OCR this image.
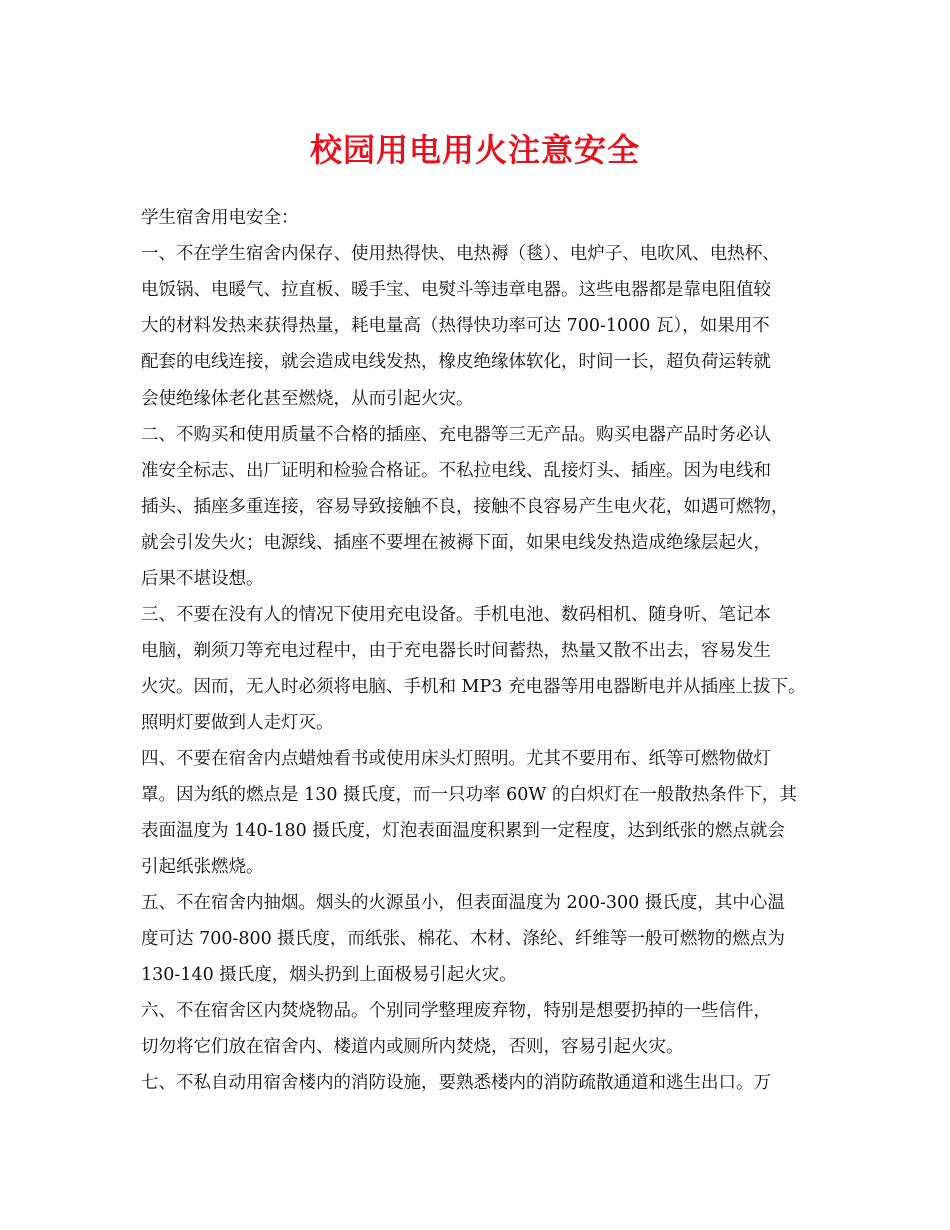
校园用电用火注意安全
学生宿舍用电安全：
一、不在学生宿舍内保存、使用热得快、电热褥（毯）、电炉子、电吹风、电热杯、
电饭锅、电暖气、拉直板、暖手宝、电熨斗等违章电器。这些电器都是靠电阻值较
大的材料发热来获得热量，耗电量高（热得快功率可达 700-1000 瓦），如果用不
配套的电线连接，就会造成电线发热，橡皮绝缘体软化，时间一长，超负荷运转就
会使绝缘体老化甚至燃烧，从而引起火灾。
二、不购买和使用质量不合格的插座、充电器等三无产品。购买电器产品时务必认
准安全标志、出厂证明和检验合格证。不私拉电线、乱接灯头、插座。因为电线和
插头、插座多重连接，容易导致接触不良，接触不良容易产生电火花，如遇可燃物，
就会引发失火；电源线、插座不要埋在被褥下面，如果电线发热造成绝缘层起火，
后果不堪设想。
三、不要在没有人的情况下使用充电设备。手机电池、数码相机、随身听、笔记本
电脑，剃须刀等充电过程中，由于充电器长时间蓄热，热量又散不出去，容易发生
火灾。因而，无人时必须将电脑、手机和 MP3 充电器等用电器断电并从插座上拔下。
照明灯要做到人走灯灭。
四、不要在宿舍内点蜡烛看书或使用床头灯照明。尤其不要用布、纸等可燃物做灯
罩。因为纸的燃点是 130 摄氏度，而一只功率 60W 的白炽灯在一般散热条件下，其
表面温度为 140-180 摄氏度，灯泡表面温度积累到一定程度，达到纸张的燃点就会
引起纸张燃烧。
五、不在宿舍内抽烟。烟头的火源虽小，但表面温度为 200-300 摄氏度，其中心温
度可达 700-800 摄氏度，而纸张、棉花、木材、涤纶、纤维等一般可燃物的燃点为
130-140 摄氏度，烟头扔到上面极易引起火灾。
六、不在宿舍区内焚烧物品。个别同学整理废弃物，特别是想要扔掉的一些信件，
切勿将它们放在宿舍内、楼道内或厕所内焚烧，否则，容易引起火灾。
七、不私自动用宿舍楼内的消防设施，要熟悉楼内的消防疏散通道和逃生出口。万
